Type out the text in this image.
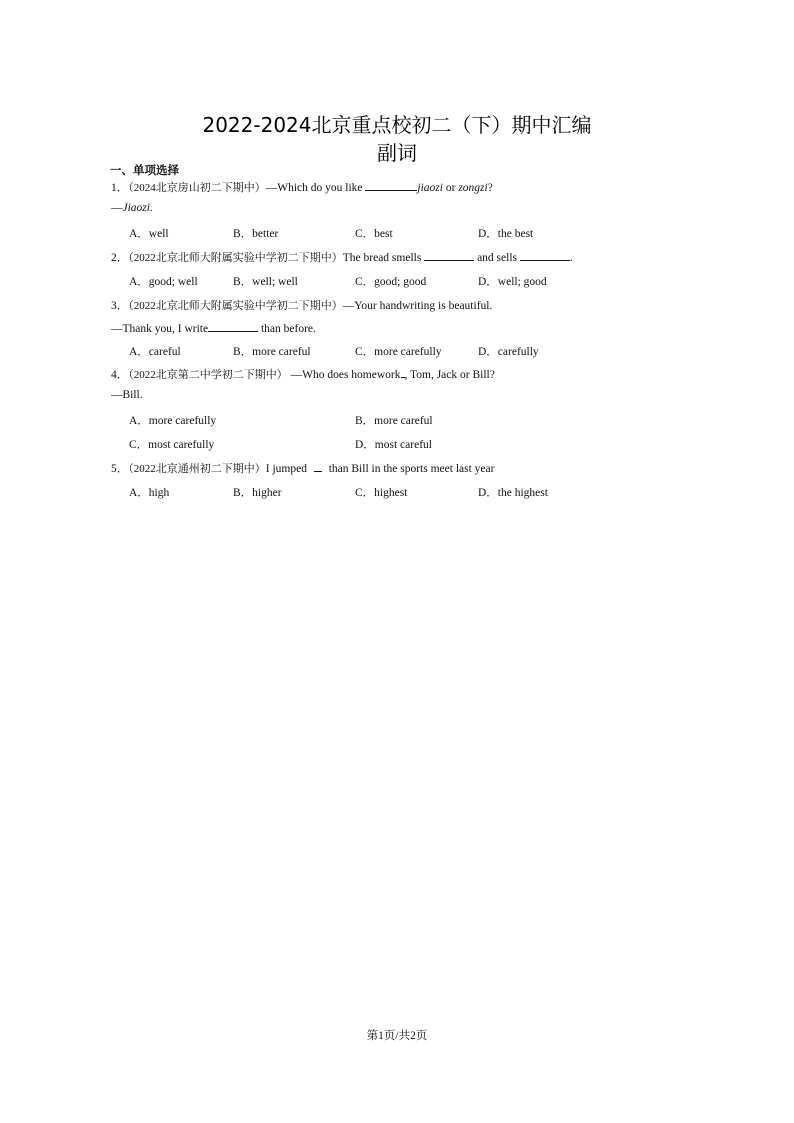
2022-2024北京重点校初二（下）期中汇编
副词
一、单项选择
1．（2024北京房山初二下期中）—Which do you like	jiaozi or zongzi?
—Jiaozi.
A．well	B．better	C．best	D．the best
2．（2022北京北师大附属实验中学初二下期中）The bread smells	and sells	.
A．good; well	B．well; well	C．good; good	D．well; good
3．（2022北京北师大附属实验中学初二下期中）—Your handwriting is beautiful.
—Thank you, I write	than before.
A．careful	B．more careful	C．more carefully	D．carefully
4．（2022北京第二中学初二下期中） —Who does homework , Tom, Jack or Bill?
—Bill.
A．more carefully	B．more careful
C．most carefully	D．most careful
5．（2022北京通州初二下期中）I jumped  than Bill in the sports meet last year
A．high	B．higher	C．highest	D．the highest
第1页/共2页
